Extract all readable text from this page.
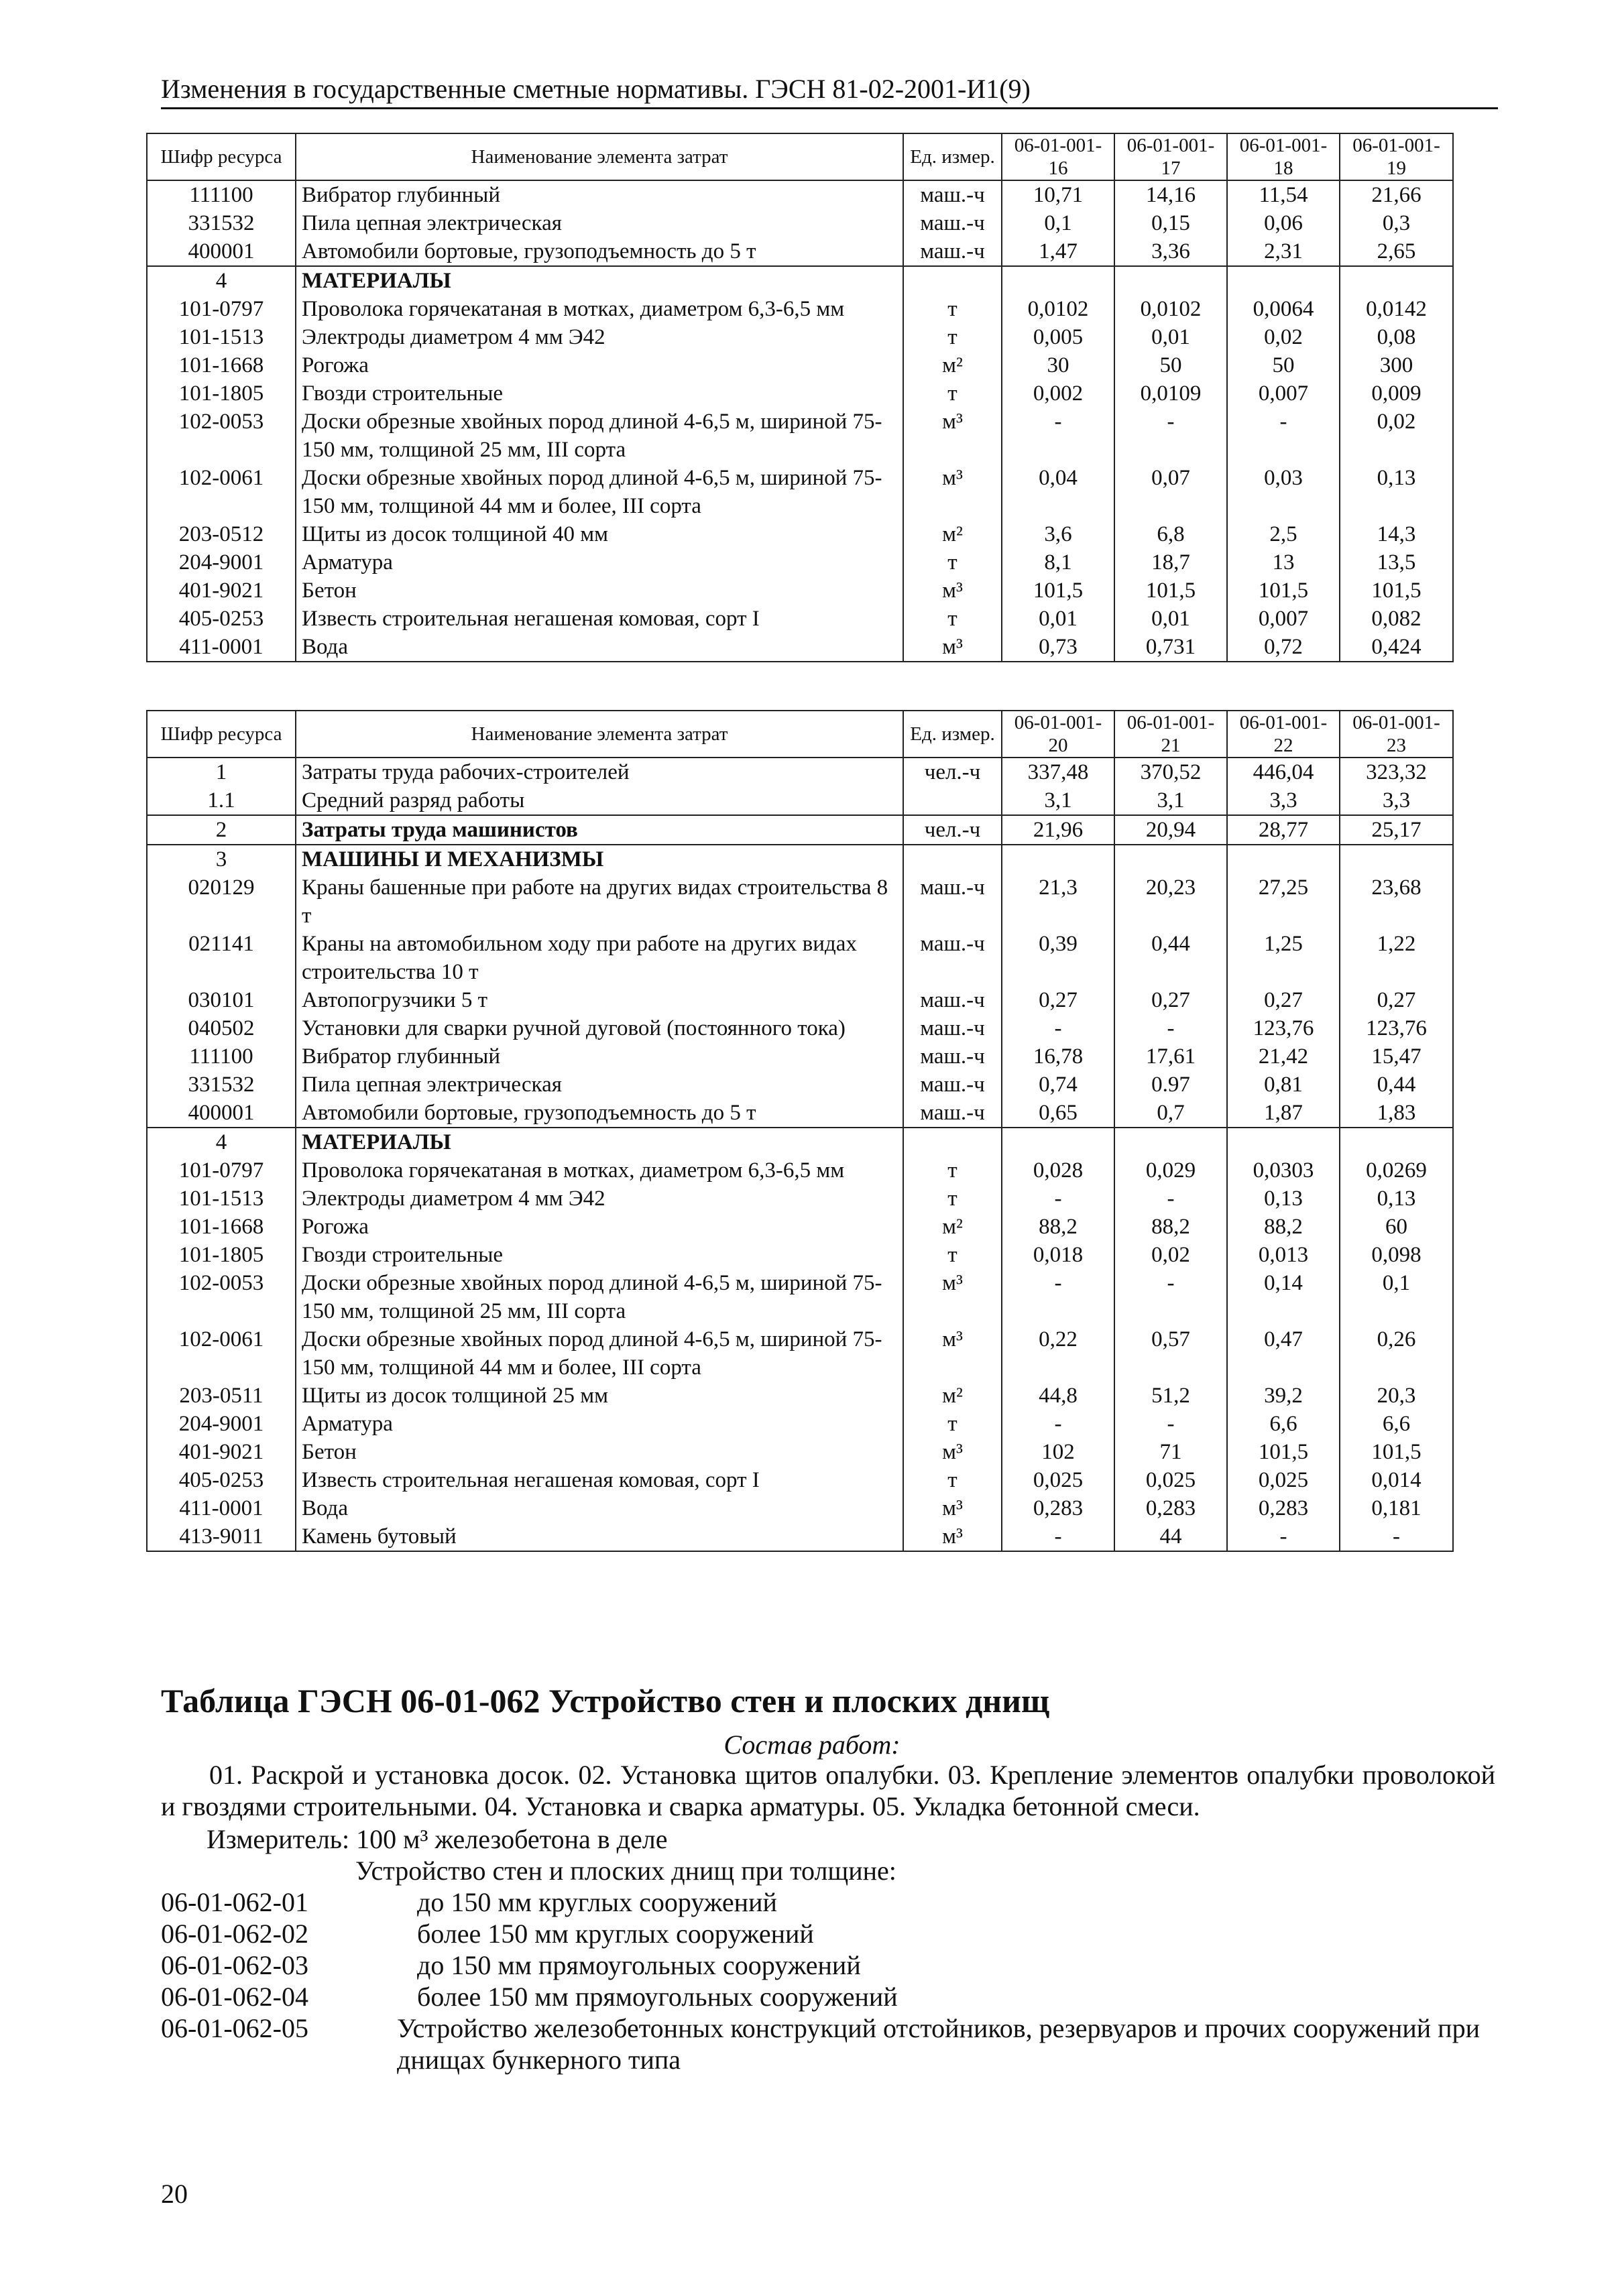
Изменения в государственные сметные нормативы. ГЭСН 81-02-2001-И1(9)
Шифр ресурса	Наименование элемента затрат	Ед. измер.	06-01-001-16	06-01-001-17	06-01-001-18	06-01-001-19
111100	Вибратор глубинный	маш.-ч	10,71	14,16	11,54	21,66
331532	Пила цепная электрическая	маш.-ч	0,1	0,15	0,06	0,3
400001	Автомобили бортовые, грузоподъемность до 5 т	маш.-ч	1,47	3,36	2,31	2,65
4	МАТЕРИАЛЫ					
101-0797	Проволока горячекатаная в мотках, диаметром 6,3-6,5 мм	т	0,0102	0,0102	0,0064	0,0142
101-1513	Электроды диаметром 4 мм Э42	т	0,005	0,01	0,02	0,08
101-1668	Рогожа	м²	30	50	50	300
101-1805	Гвозди строительные	т	0,002	0,0109	0,007	0,009
102-0053	Доски обрезные хвойных пород длиной 4-6,5 м, шириной 75-150 мм, толщиной 25 мм, III сорта	м³	-	-	-	0,02
102-0061	Доски обрезные хвойных пород длиной 4-6,5 м, шириной 75-150 мм, толщиной 44 мм и более, III сорта	м³	0,04	0,07	0,03	0,13
203-0512	Щиты из досок толщиной 40 мм	м²	3,6	6,8	2,5	14,3
204-9001	Арматура	т	8,1	18,7	13	13,5
401-9021	Бетон	м³	101,5	101,5	101,5	101,5
405-0253	Известь строительная негашеная комовая, сорт I	т	0,01	0,01	0,007	0,082
411-0001	Вода	м³	0,73	0,731	0,72	0,424
Шифр ресурса	Наименование элемента затрат	Ед. измер.	06-01-001-20	06-01-001-21	06-01-001-22	06-01-001-23
1	Затраты труда рабочих-строителей	чел.-ч	337,48	370,52	446,04	323,32
1.1	Средний разряд работы		3,1	3,1	3,3	3,3
2	Затраты труда машинистов	чел.-ч	21,96	20,94	28,77	25,17
3	МАШИНЫ И МЕХАНИЗМЫ					
020129	Краны башенные при работе на других видах строительства 8 т	маш.-ч	21,3	20,23	27,25	23,68
021141	Краны на автомобильном ходу при работе на других видах строительства 10 т	маш.-ч	0,39	0,44	1,25	1,22
030101	Автопогрузчики 5 т	маш.-ч	0,27	0,27	0,27	0,27
040502	Установки для сварки ручной дуговой (постоянного тока)	маш.-ч	-	-	123,76	123,76
111100	Вибратор глубинный	маш.-ч	16,78	17,61	21,42	15,47
331532	Пила цепная электрическая	маш.-ч	0,74	0.97	0,81	0,44
400001	Автомобили бортовые, грузоподъемность до 5 т	маш.-ч	0,65	0,7	1,87	1,83
4	МАТЕРИАЛЫ					
101-0797	Проволока горячекатаная в мотках, диаметром 6,3-6,5 мм	т	0,028	0,029	0,0303	0,0269
101-1513	Электроды диаметром 4 мм Э42	т	-	-	0,13	0,13
101-1668	Рогожа	м²	88,2	88,2	88,2	60
101-1805	Гвозди строительные	т	0,018	0,02	0,013	0,098
102-0053	Доски обрезные хвойных пород длиной 4-6,5 м, шириной 75-150 мм, толщиной 25 мм, III сорта	м³	-	-	0,14	0,1
102-0061	Доски обрезные хвойных пород длиной 4-6,5 м, шириной 75-150 мм, толщиной 44 мм и более, III сорта	м³	0,22	0,57	0,47	0,26
203-0511	Щиты из досок толщиной 25 мм	м²	44,8	51,2	39,2	20,3
204-9001	Арматура	т	-	-	6,6	6,6
401-9021	Бетон	м³	102	71	101,5	101,5
405-0253	Известь строительная негашеная комовая, сорт I	т	0,025	0,025	0,025	0,014
411-0001	Вода	м³	0,283	0,283	0,283	0,181
413-9011	Камень бутовый	м³	-	44	-	-
Таблица ГЭСН 06-01-062 Устройство стен и плоских днищ
Состав работ:

01. Раскрой и установка досок. 02. Установка щитов опалубки. 03. Крепление элементов опалубки проволокой и гвоздями строительными. 04. Установка и сварка арматуры. 05. Укладка бетонной смеси.

Измеритель: 100 м³ железобетона в деле
Устройство стен и плоских днищ при толщине:
06-01-062-01	до 150 мм круглых сооружений
06-01-062-02	более 150 мм круглых сооружений
06-01-062-03	до 150 мм прямоугольных сооружений
06-01-062-04	более 150 мм прямоугольных сооружений
06-01-062-05	Устройство железобетонных конструкций отстойников, резервуаров и прочих сооружений при днищах бункерного типа
20
